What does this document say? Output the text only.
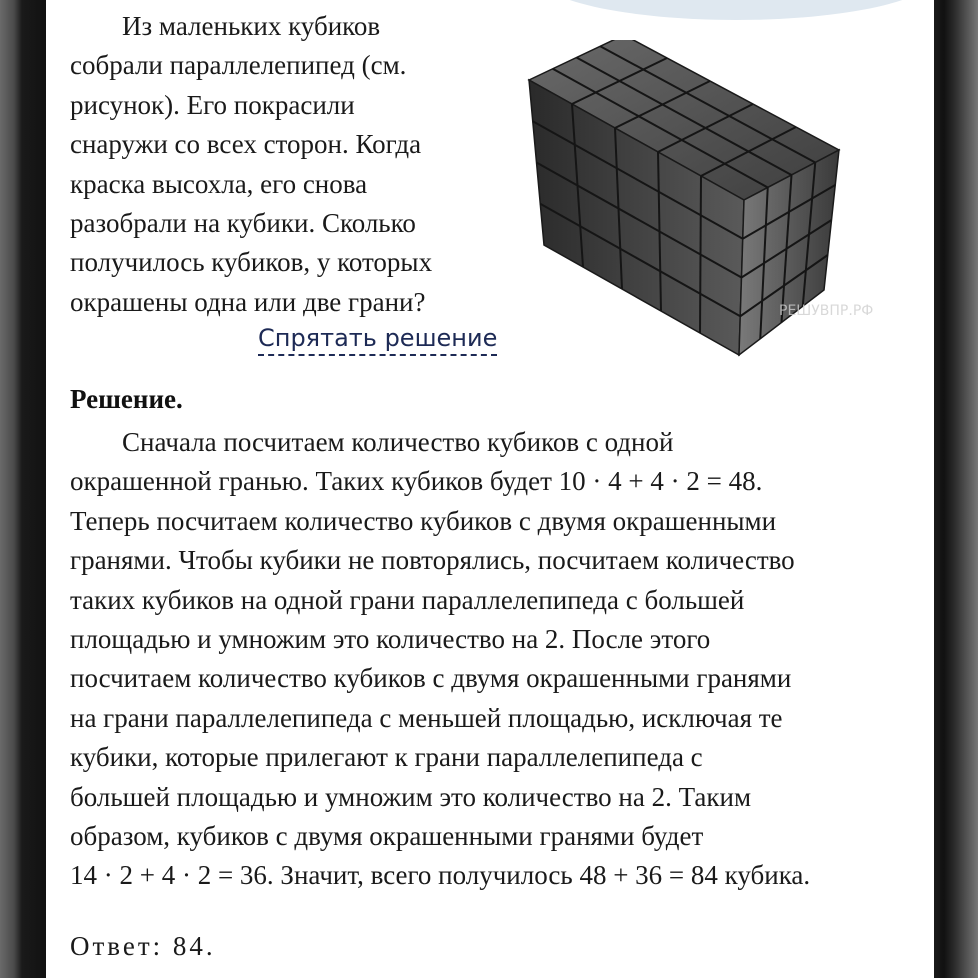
Из маленьких кубиков
собрали параллелепипед (см.
рисунок). Его покрасили
снаружи со всех сторон. Когда
краска высохла, его снова
разобрали на кубики. Сколько
получилось кубиков, у которых
окрашены одна или две грани?
Спрятать решение
РЕШУВПР.РФ
Решение.
Сначала посчитаем количество кубиков с одной
окрашенной гранью. Таких кубиков будет 10 · 4 + 4 · 2 = 48.
Теперь посчитаем количество кубиков с двумя окрашенными
гранями. Чтобы кубики не повторялись, посчитаем количество
таких кубиков на одной грани параллелепипеда с большей
площадью и умножим это количество на 2. После этого
посчитаем количество кубиков с двумя окрашенными гранями
на грани параллелепипеда с меньшей площадью, исключая те
кубики, которые прилегают к грани параллелепипеда с
большей площадью и умножим это количество на 2. Таким
образом, кубиков с двумя окрашенными гранями будет
14 · 2 + 4 · 2 = 36. Значит, всего получилось 48 + 36 = 84 кубика.
Ответ: 84.
